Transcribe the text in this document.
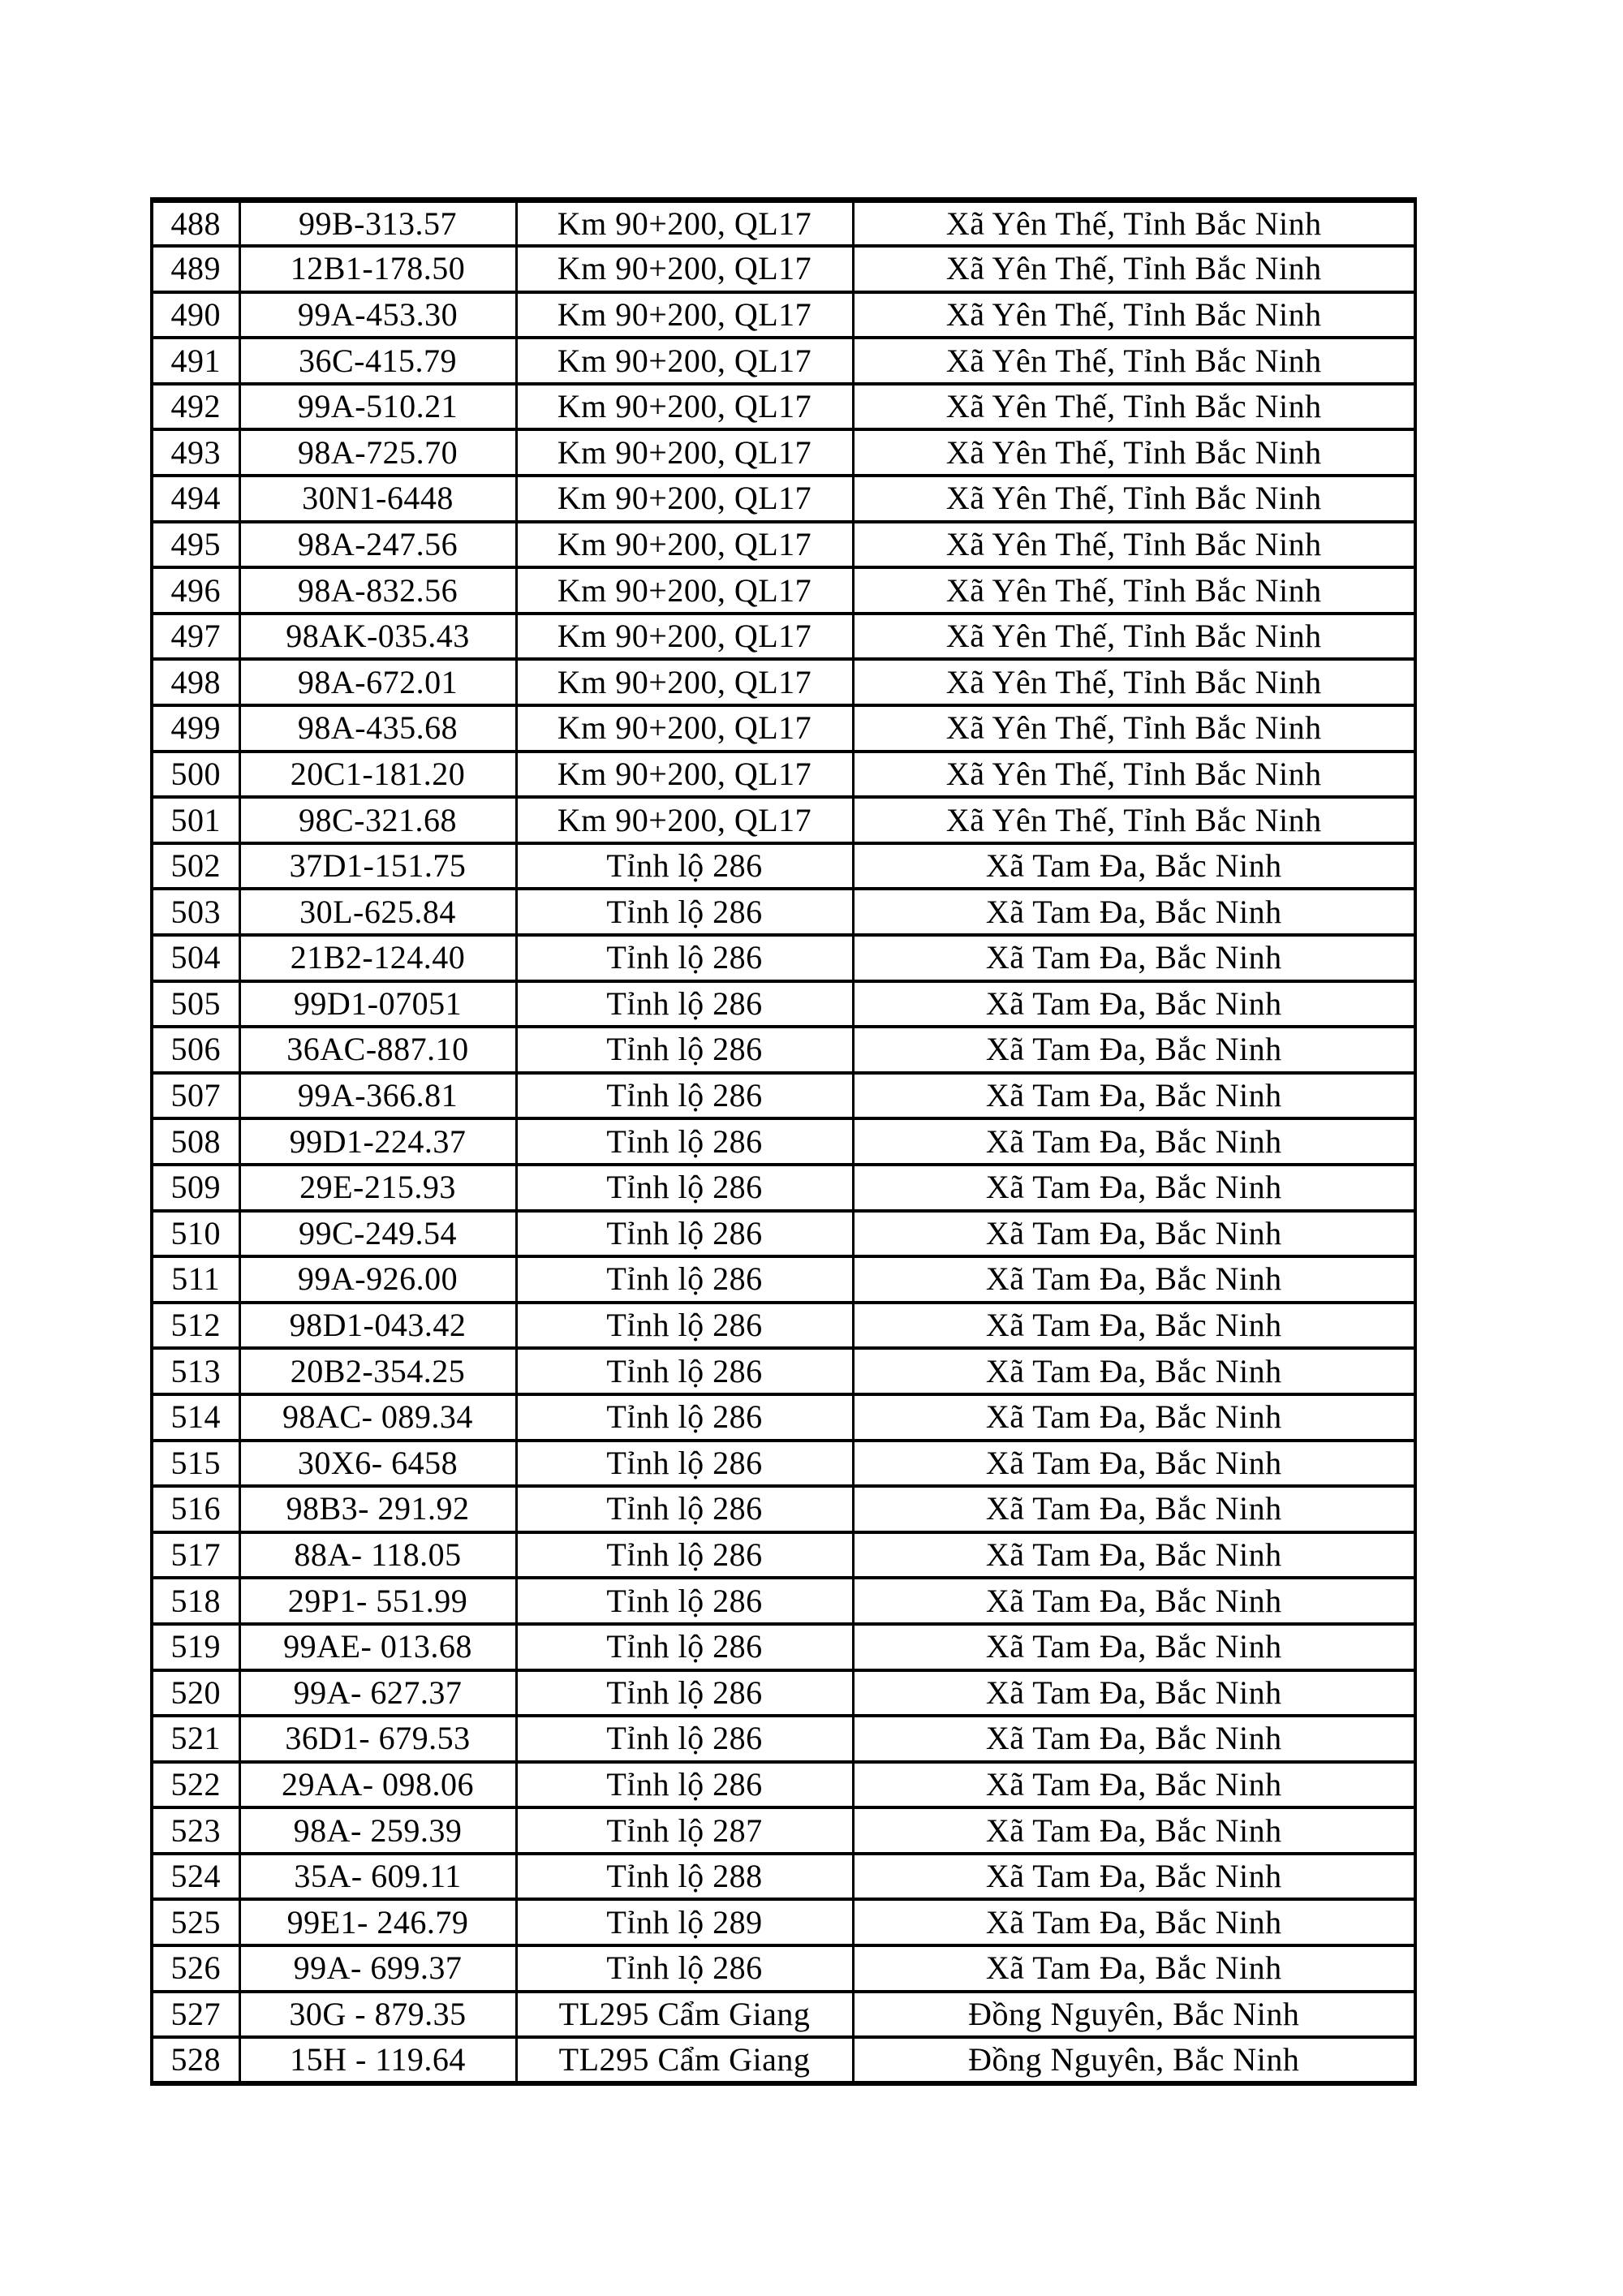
488	99B-313.57	Km 90+200, QL17	Xã Yên Thế, Tỉnh Bắc Ninh
489	12B1-178.50	Km 90+200, QL17	Xã Yên Thế, Tỉnh Bắc Ninh
490	99A-453.30	Km 90+200, QL17	Xã Yên Thế, Tỉnh Bắc Ninh
491	36C-415.79	Km 90+200, QL17	Xã Yên Thế, Tỉnh Bắc Ninh
492	99A-510.21	Km 90+200, QL17	Xã Yên Thế, Tỉnh Bắc Ninh
493	98A-725.70	Km 90+200, QL17	Xã Yên Thế, Tỉnh Bắc Ninh
494	30N1-6448	Km 90+200, QL17	Xã Yên Thế, Tỉnh Bắc Ninh
495	98A-247.56	Km 90+200, QL17	Xã Yên Thế, Tỉnh Bắc Ninh
496	98A-832.56	Km 90+200, QL17	Xã Yên Thế, Tỉnh Bắc Ninh
497	98AK-035.43	Km 90+200, QL17	Xã Yên Thế, Tỉnh Bắc Ninh
498	98A-672.01	Km 90+200, QL17	Xã Yên Thế, Tỉnh Bắc Ninh
499	98A-435.68	Km 90+200, QL17	Xã Yên Thế, Tỉnh Bắc Ninh
500	20C1-181.20	Km 90+200, QL17	Xã Yên Thế, Tỉnh Bắc Ninh
501	98C-321.68	Km 90+200, QL17	Xã Yên Thế, Tỉnh Bắc Ninh
502	37D1-151.75	Tỉnh lộ 286	Xã Tam Đa, Bắc Ninh
503	30L-625.84	Tỉnh lộ 286	Xã Tam Đa, Bắc Ninh
504	21B2-124.40	Tỉnh lộ 286	Xã Tam Đa, Bắc Ninh
505	99D1-07051	Tỉnh lộ 286	Xã Tam Đa, Bắc Ninh
506	36AC-887.10	Tỉnh lộ 286	Xã Tam Đa, Bắc Ninh
507	99A-366.81	Tỉnh lộ 286	Xã Tam Đa, Bắc Ninh
508	99D1-224.37	Tỉnh lộ 286	Xã Tam Đa, Bắc Ninh
509	29E-215.93	Tỉnh lộ 286	Xã Tam Đa, Bắc Ninh
510	99C-249.54	Tỉnh lộ 286	Xã Tam Đa, Bắc Ninh
511	99A-926.00	Tỉnh lộ 286	Xã Tam Đa, Bắc Ninh
512	98D1-043.42	Tỉnh lộ 286	Xã Tam Đa, Bắc Ninh
513	20B2-354.25	Tỉnh lộ 286	Xã Tam Đa, Bắc Ninh
514	98AC- 089.34	Tỉnh lộ 286	Xã Tam Đa, Bắc Ninh
515	30X6- 6458	Tỉnh lộ 286	Xã Tam Đa, Bắc Ninh
516	98B3- 291.92	Tỉnh lộ 286	Xã Tam Đa, Bắc Ninh
517	88A- 118.05	Tỉnh lộ 286	Xã Tam Đa, Bắc Ninh
518	29P1- 551.99	Tỉnh lộ 286	Xã Tam Đa, Bắc Ninh
519	99AE- 013.68	Tỉnh lộ 286	Xã Tam Đa, Bắc Ninh
520	99A- 627.37	Tỉnh lộ 286	Xã Tam Đa, Bắc Ninh
521	36D1- 679.53	Tỉnh lộ 286	Xã Tam Đa, Bắc Ninh
522	29AA- 098.06	Tỉnh lộ 286	Xã Tam Đa, Bắc Ninh
523	98A- 259.39	Tỉnh lộ 287	Xã Tam Đa, Bắc Ninh
524	35A- 609.11	Tỉnh lộ 288	Xã Tam Đa, Bắc Ninh
525	99E1- 246.79	Tỉnh lộ 289	Xã Tam Đa, Bắc Ninh
526	99A- 699.37	Tỉnh lộ 286	Xã Tam Đa, Bắc Ninh
527	30G - 879.35	TL295 Cẩm Giang	Đồng Nguyên, Bắc Ninh
528	15H - 119.64	TL295 Cẩm Giang	Đồng Nguyên, Bắc Ninh
